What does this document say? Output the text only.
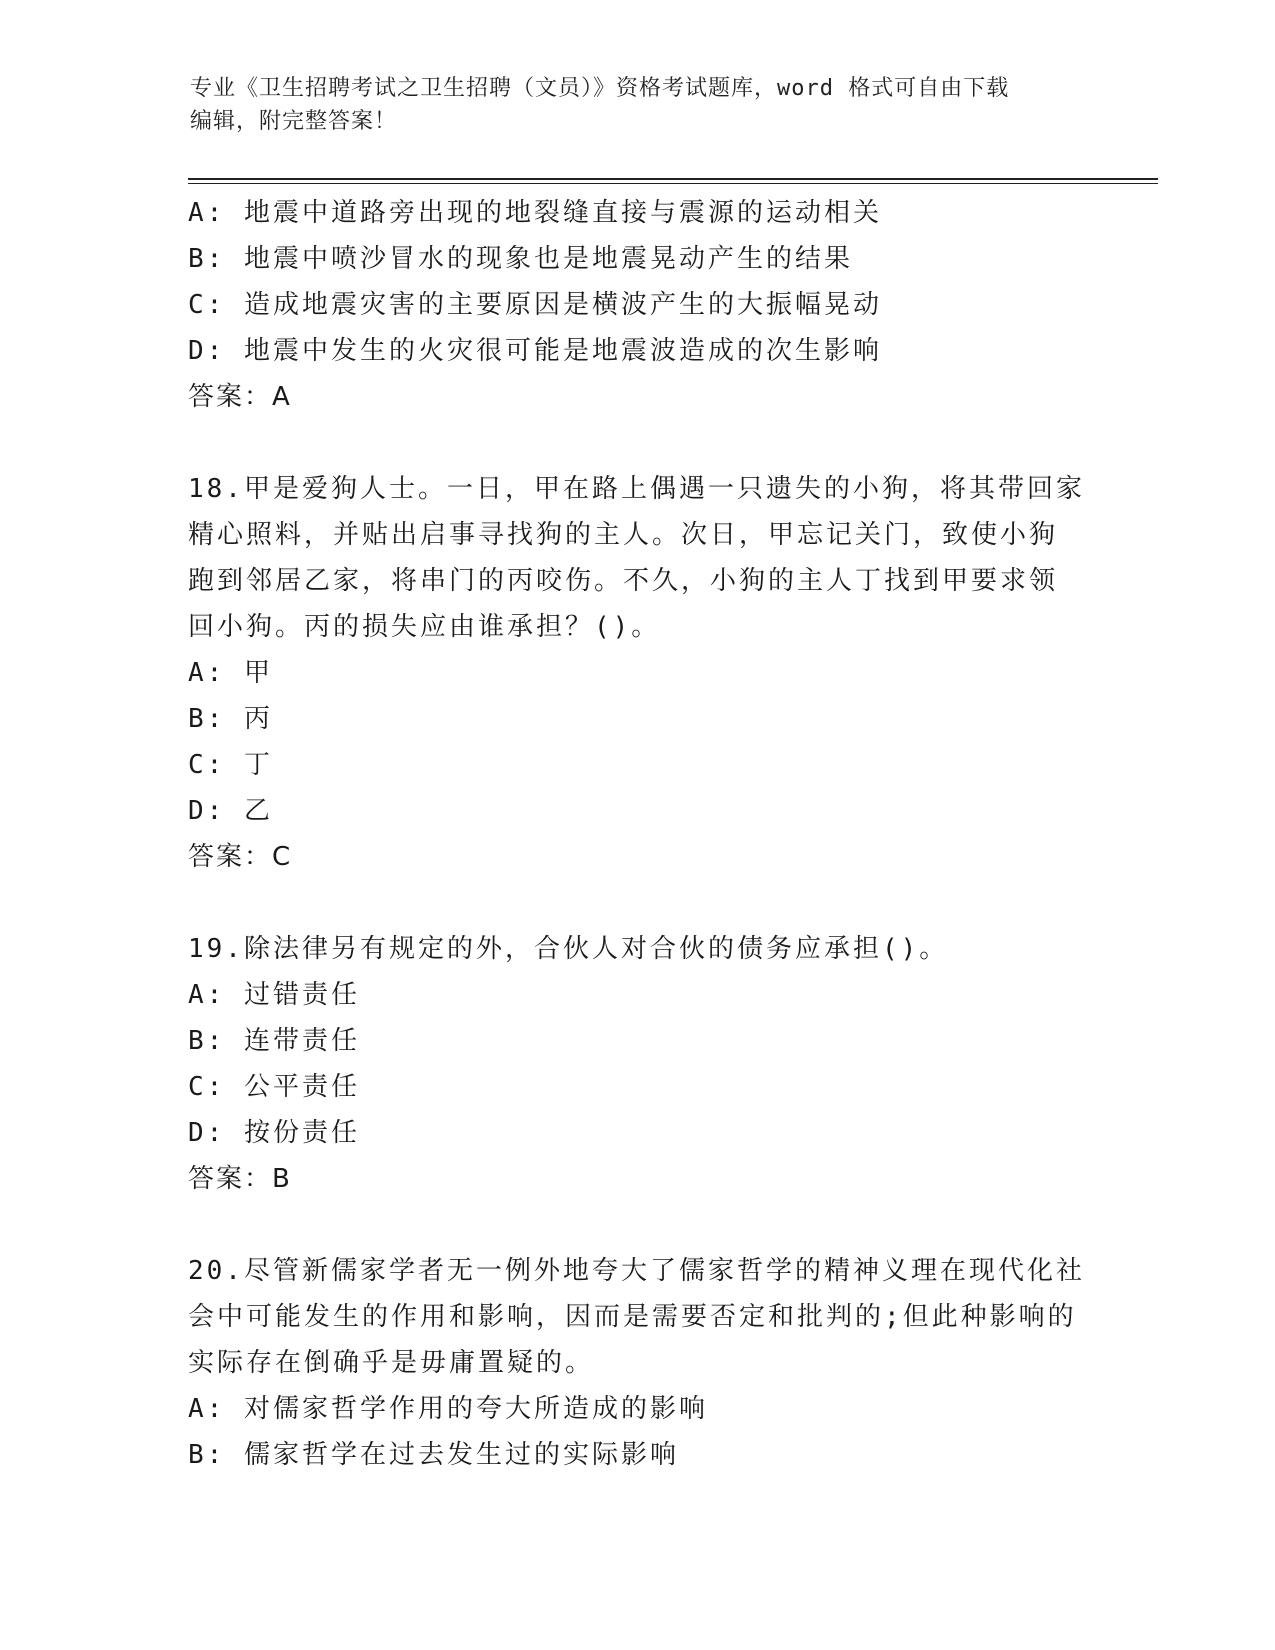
专业《卫生招聘考试之卫生招聘（文员）》资格考试题库，word 格式可自由下载
编辑，附完整答案！
A: 地震中道路旁出现的地裂缝直接与震源的运动相关
B: 地震中喷沙冒水的现象也是地震晃动产生的结果
C: 造成地震灾害的主要原因是横波产生的大振幅晃动
D: 地震中发生的火灾很可能是地震波造成的次生影响
答案：A
18.甲是爱狗人士。一日，甲在路上偶遇一只遗失的小狗，将其带回家
精心照料，并贴出启事寻找狗的主人。次日，甲忘记关门，致使小狗
跑到邻居乙家，将串门的丙咬伤。不久，小狗的主人丁找到甲要求领
回小狗。丙的损失应由谁承担？()。
A: 甲
B: 丙
C: 丁
D: 乙
答案：C
19.除法律另有规定的外，合伙人对合伙的债务应承担()。
A: 过错责任
B: 连带责任
C: 公平责任
D: 按份责任
答案：B
20.尽管新儒家学者无一例外地夸大了儒家哲学的精神义理在现代化社
会中可能发生的作用和影响，因而是需要否定和批判的;但此种影响的
实际存在倒确乎是毋庸置疑的。
A: 对儒家哲学作用的夸大所造成的影响
B: 儒家哲学在过去发生过的实际影响
